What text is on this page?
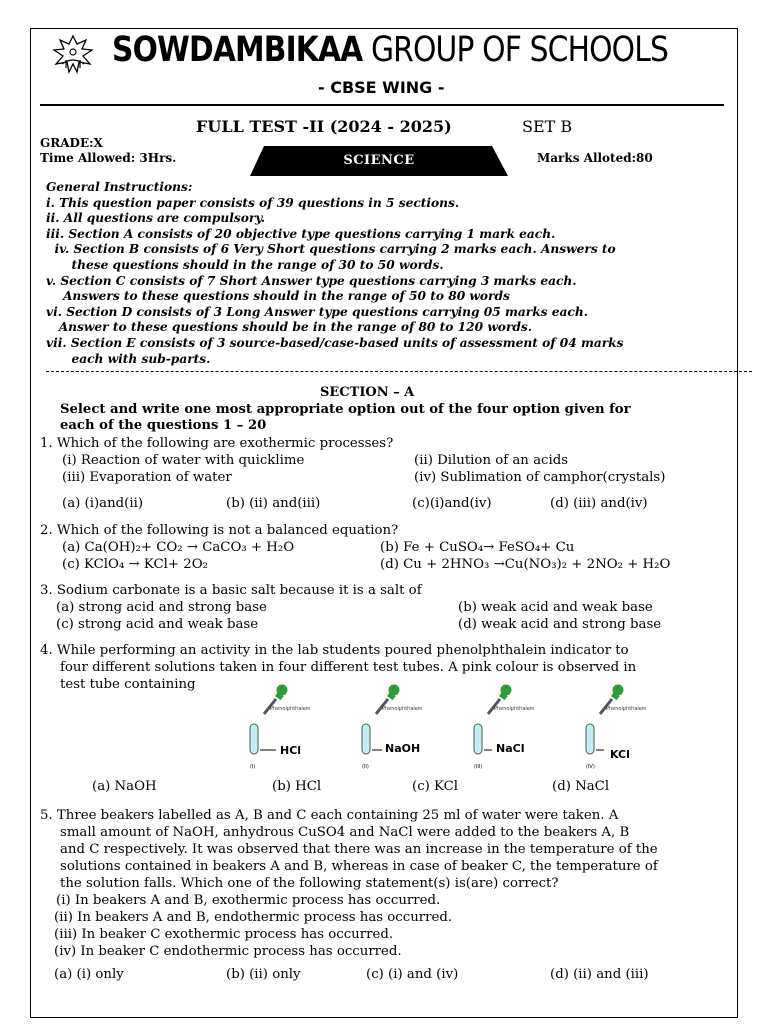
SOWDAMBIKAA GROUP OF SCHOOLS
- CBSE WING -
FULL TEST -II (2024 - 2025)	SET B
GRADE:X
Time Allowed: 3Hrs.	SCIENCE	Marks Alloted:80
General Instructions:
i. This question paper consists of 39 questions in 5 sections.
ii. All questions are compulsory.
iii. Section A consists of 20 objective type questions carrying 1 mark each.
iv. Section B consists of 6 Very Short questions carrying 2 marks each. Answers to
these questions should in the range of 30 to 50 words.
v. Section C consists of 7 Short Answer type questions carrying 3 marks each.
Answers to these questions should in the range of 50 to 80 words
vi. Section D consists of 3 Long Answer type questions carrying 05 marks each.
Answer to these questions should be in the range of 80 to 120 words.
vii. Section E consists of 3 source-based/case-based units of assessment of 04 marks
each with sub-parts.
SECTION – A
Select and write one most appropriate option out of the four option given for
each of the questions 1 – 20
1. Which of the following are exothermic processes?
(i) Reaction of water with quicklime	(ii) Dilution of an acids
(iii) Evaporation of water	(iv) Sublimation of camphor(crystals)
(a) (i)and(ii)	(b) (ii) and(iii)	(c)(i)and(iv)	(d) (iii) and(iv)
2. Which of the following is not a balanced equation?
(a) Ca(OH)₂+ CO₂ → CaCO₃ + H₂O	(b) Fe + CuSO₄→ FeSO₄+ Cu
(c) KClO₄ → KCl+ 2O₂	(d) Cu + 2HNO₃ →Cu(NO₃)₂ + 2NO₂ + H₂O
3. Sodium carbonate is a basic salt because it is a salt of
(a) strong acid and strong base	(b) weak acid and weak base
(c) strong acid and weak base	(d) weak acid and strong base
4. While performing an activity in the lab students poured phenolphthalein indicator to
four different solutions taken in four different test tubes. A pink colour is observed in
test tube containing
Phenolphthalein
HCl
(I)
Phenolphthalein
NaOH
(II)
Phenolphthalein
NaCl
(III)
Phenolphthalein
KCl
(IV)
(a) NaOH	(b) HCl	(c) KCl	(d) NaCl
5. Three beakers labelled as A, B and C each containing 25 ml of water were taken. A
small amount of NaOH, anhydrous CuSO4 and NaCl were added to the beakers A, B
and C respectively. It was observed that there was an increase in the temperature of the
solutions contained in beakers A and B, whereas in case of beaker C, the temperature of
the solution falls. Which one of the following statement(s) is(are) correct?
(i) In beakers A and B, exothermic process has occurred.
(ii) In beakers A and B, endothermic process has occurred.
(iii) In beaker C exothermic process has occurred.
(iv) In beaker C endothermic process has occurred.
(a) (i) only	(b) (ii) only	(c) (i) and (iv)	(d) (ii) and (iii)
